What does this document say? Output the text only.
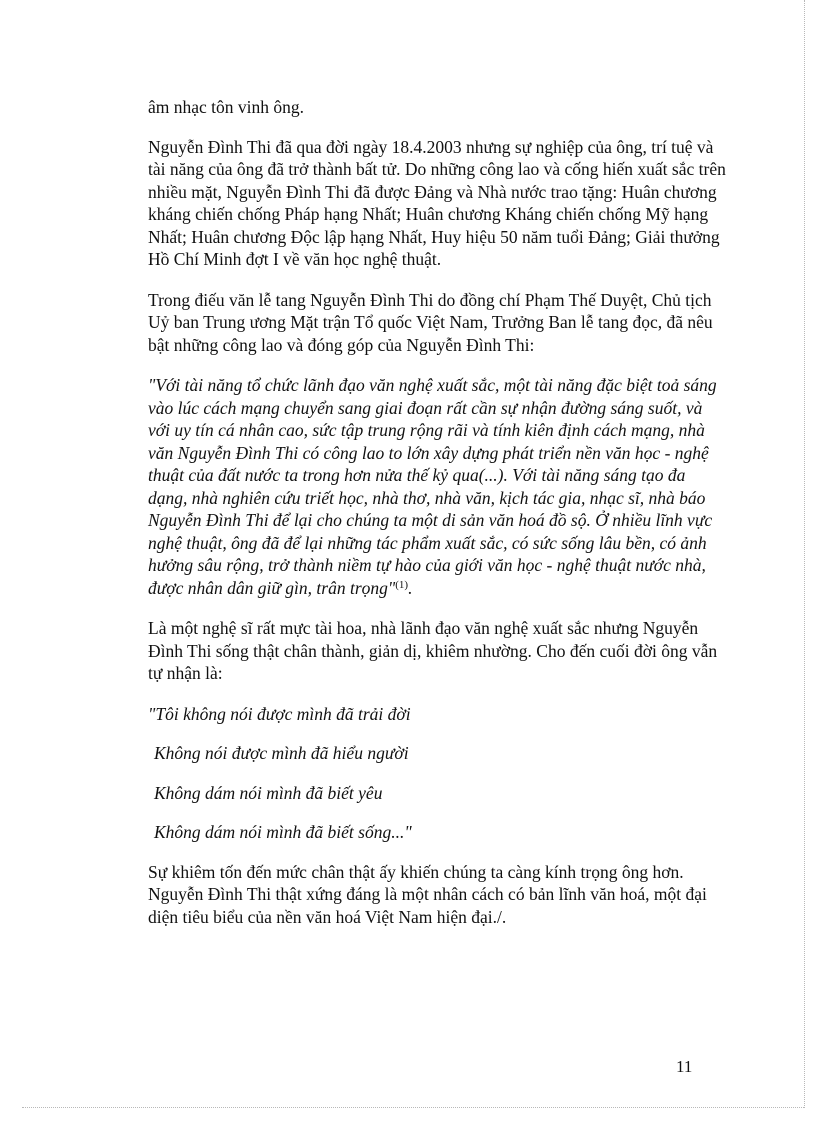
âm nhạc tôn vinh ông.

Nguyễn Đình Thi đã qua đời ngày 18.4.2003 nhưng sự nghiệp của ông, trí tuệ và tài năng của ông đã trở thành bất tử. Do những công lao và cống hiến xuất sắc trên nhiều mặt, Nguyễn Đình Thi đã được Đảng và Nhà nước trao tặng: Huân chương kháng chiến chống Pháp hạng Nhất; Huân chương Kháng chiến chống Mỹ hạng Nhất; Huân chương Độc lập hạng Nhất, Huy hiệu 50 năm tuổi Đảng; Giải thưởng Hồ Chí Minh đợt I về văn học nghệ thuật.

Trong điếu văn lễ tang Nguyễn Đình Thi do đồng chí Phạm Thế Duyệt, Chủ tịch Uỷ ban Trung ương Mặt trận Tổ quốc Việt Nam, Trưởng Ban lễ tang đọc, đã nêu bật những công lao và đóng góp của Nguyễn Đình Thi:

"Với tài năng tổ chức lãnh đạo văn nghệ xuất sắc, một tài năng đặc biệt toả sáng vào lúc cách mạng chuyển sang giai đoạn rất cần sự nhận đường sáng suốt, và với uy tín cá nhân cao, sức tập trung rộng rãi và tính kiên định cách mạng, nhà văn Nguyễn Đình Thi có công lao to lớn xây dựng phát triển nền văn học - nghệ thuật của đất nước ta trong hơn nửa thế kỷ qua(...). Với tài năng sáng tạo đa dạng, nhà nghiên cứu triết học, nhà thơ, nhà văn, kịch tác gia, nhạc sĩ, nhà báo Nguyễn Đình Thi để lại cho chúng ta một di sản văn hoá đồ sộ. Ở nhiều lĩnh vực nghệ thuật, ông đã để lại những tác phẩm xuất sắc, có sức sống lâu bền, có ảnh hưởng sâu rộng, trở thành niềm tự hào của giới văn học - nghệ thuật nước nhà, được nhân dân giữ gìn, trân trọng"$^{(1)}$.

Là một nghệ sĩ rất mực tài hoa, nhà lãnh đạo văn nghệ xuất sắc nhưng Nguyễn Đình Thi sống thật chân thành, giản dị, khiêm nhường. Cho đến cuối đời ông vẫn tự nhận là:

"Tôi không nói được mình đã trải đời

Không nói được mình đã hiểu người

Không dám nói mình đã biết yêu

Không dám nói mình đã biết sống..."

Sự khiêm tốn đến mức chân thật ấy khiến chúng ta càng kính trọng ông hơn. Nguyễn Đình Thi thật xứng đáng là một nhân cách có bản lĩnh văn hoá, một đại diện tiêu biểu của nền văn hoá Việt Nam hiện đại./.

11
